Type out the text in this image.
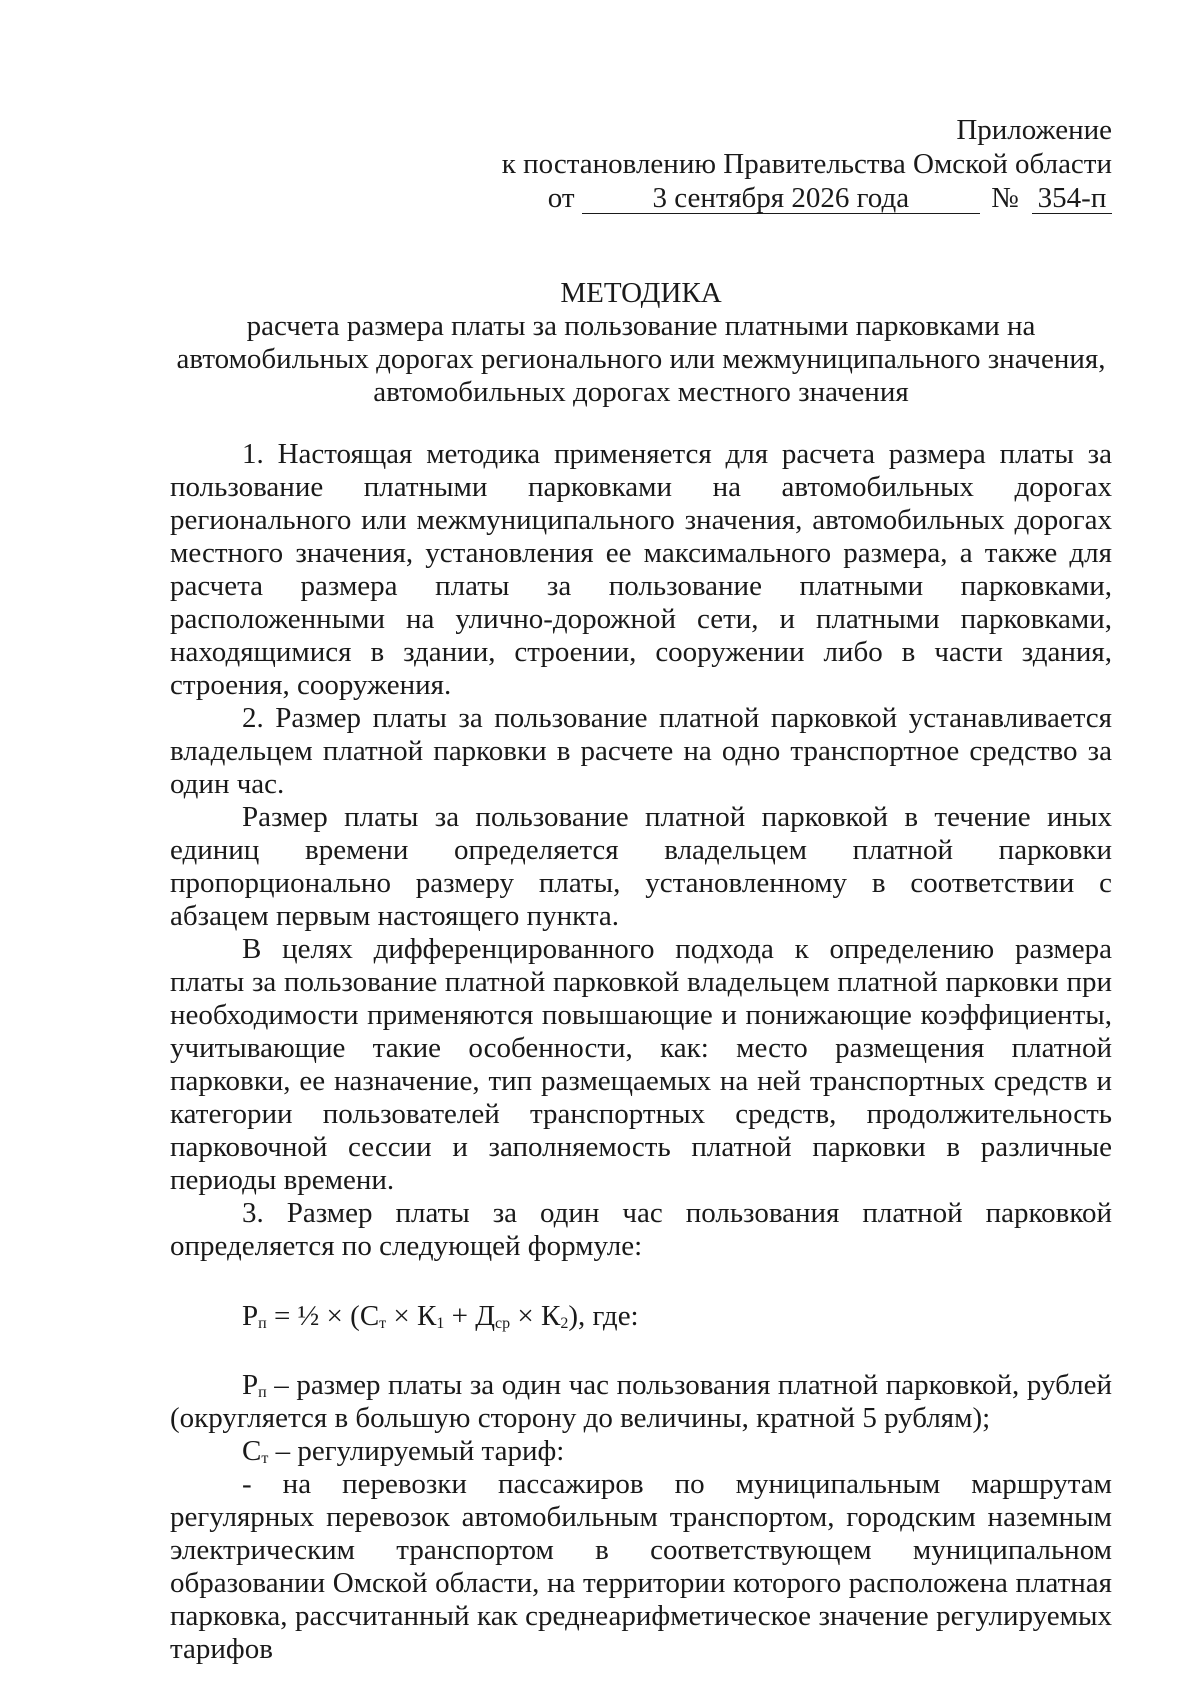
Приложение
к постановлению Правительства Омской области
от	3 сентября 2026 года	№ 354-п
МЕТОДИКА
расчета размера платы за пользование платными парковками на автомобильных дорогах регионального или межмуниципального значения, автомобильных дорогах местного значения

1. Настоящая методика применяется для расчета размера платы за пользование платными парковками на автомобильных дорогах регионального или межмуниципального значения, автомобильных дорогах местного значения, установления ее максимального размера, а также для расчета размера платы за пользование платными парковками, расположенными на улично-дорожной сети, и платными парковками, находящимися в здании, строении, сооружении либо в части здания, строения, сооружения.

2. Размер платы за пользование платной парковкой устанавливается владельцем платной парковки в расчете на одно транспортное средство за один час.

Размер платы за пользование платной парковкой в течение иных единиц времени определяется владельцем платной парковки пропорционально размеру платы, установленному в соответствии с абзацем первым настоящего пункта.

В целях дифференцированного подхода к определению размера платы за пользование платной парковкой владельцем платной парковки при необходимости применяются повышающие и понижающие коэффициенты, учитывающие такие особенности, как: место размещения платной парковки, ее назначение, тип размещаемых на ней транспортных средств и категории пользователей транспортных средств, продолжительность парковочной сессии и заполняемость платной парковки в различные периоды времени.

3. Размер платы за один час пользования платной парковкой определяется по следующей формуле:

$Р_п$ = ½ × $(С_т \times К_1 + Д_{ср} \times К_2)$, где:

$Р_п$ – размер платы за один час пользования платной парковкой, рублей (округляется в большую сторону до величины, кратной 5 рублям);

$С_т$ – регулируемый тариф:

- на перевозки пассажиров по муниципальным маршрутам регулярных перевозок автомобильным транспортом, городским наземным электрическим транспортом в соответствующем муниципальном образовании Омской области, на территории которого расположена платная парковка, рассчитанный как среднеарифметическое значение регулируемых тарифов
